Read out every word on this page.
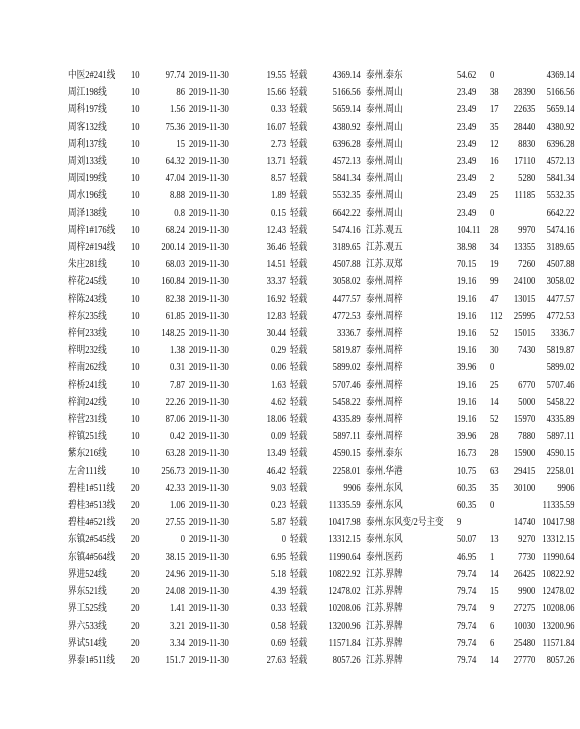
中医2#241线	10	97.74	2019-11-30	19.55	轻载	4369.14	泰州.泰东	54.62	0		4369.14
周江198线	10	86	2019-11-30	15.66	轻载	5166.56	泰州.周山	23.49	38	28390	5166.56
周科197线	10	1.56	2019-11-30	0.33	轻载	5659.14	泰州.周山	23.49	17	22635	5659.14
周客132线	10	75.36	2019-11-30	16.07	轻载	4380.92	泰州.周山	23.49	35	28440	4380.92
周利137线	10	15	2019-11-30	2.73	轻载	6396.28	泰州.周山	23.49	12	8830	6396.28
周刘133线	10	64.32	2019-11-30	13.71	轻载	4572.13	泰州.周山	23.49	16	17110	4572.13
周园199线	10	47.04	2019-11-30	8.57	轻载	5841.34	泰州.周山	23.49	2	5280	5841.34
周水196线	10	8.88	2019-11-30	1.89	轻载	5532.35	泰州.周山	23.49	25	11185	5532.35
周泽138线	10	0.8	2019-11-30	0.15	轻载	6642.22	泰州.周山	23.49	0		6642.22
周梓1#176线	10	68.24	2019-11-30	12.43	轻载	5474.16	江苏.观五	104.11	28	9970	5474.16
周梓2#194线	10	200.14	2019-11-30	36.46	轻载	3189.65	江苏.观五	38.98	34	13355	3189.65
朱庄281线	10	68.03	2019-11-30	14.51	轻载	4507.88	江苏.双郑	70.15	19	7260	4507.88
梓花245线	10	160.84	2019-11-30	33.37	轻载	3058.02	泰州.周梓	19.16	99	24100	3058.02
梓陈243线	10	82.38	2019-11-30	16.92	轻载	4477.57	泰州.周梓	19.16	47	13015	4477.57
梓东235线	10	61.85	2019-11-30	12.83	轻载	4772.53	泰州.周梓	19.16	112	25995	4772.53
梓何233线	10	148.25	2019-11-30	30.44	轻载	3336.7	泰州.周梓	19.16	52	15015	3336.7
梓明232线	10	1.38	2019-11-30	0.29	轻载	5819.87	泰州.周梓	19.16	30	7430	5819.87
梓南262线	10	0.31	2019-11-30	0.06	轻载	5899.02	泰州.周梓	39.96	0		5899.02
梓桥241线	10	7.87	2019-11-30	1.63	轻载	5707.46	泰州.周梓	19.16	25	6770	5707.46
梓润242线	10	22.26	2019-11-30	4.62	轻载	5458.22	泰州.周梓	19.16	14	5000	5458.22
梓营231线	10	87.06	2019-11-30	18.06	轻载	4335.89	泰州.周梓	19.16	52	15970	4335.89
梓镇251线	10	0.42	2019-11-30	0.09	轻载	5897.11	泰州.周梓	39.96	28	7880	5897.11
紫东216线	10	63.28	2019-11-30	13.49	轻载	4590.15	泰州.泰东	16.73	28	15900	4590.15
左舍111线	10	256.73	2019-11-30	46.42	轻载	2258.01	泰州.华港	10.75	63	29415	2258.01
碧桂1#511线	20	42.33	2019-11-30	9.03	轻载	9906	泰州.东风	60.35	35	30100	9906
碧桂3#513线	20	1.06	2019-11-30	0.23	轻载	11335.59	泰州.东风	60.35	0		11335.59
碧桂4#521线	20	27.55	2019-11-30	5.87	轻载	10417.98	泰州.东风变/2号主变	9		14740	10417.98
东镇2#545线	20	0	2019-11-30	0	轻载	13312.15	泰州.东风	50.07	13	9270	13312.15
东镇4#564线	20	38.15	2019-11-30	6.95	轻载	11990.64	泰州.医药	46.95	1	7730	11990.64
界进524线	20	24.96	2019-11-30	5.18	轻载	10822.92	江苏.界牌	79.74	14	26425	10822.92
界东521线	20	24.08	2019-11-30	4.39	轻载	12478.02	江苏.界牌	79.74	15	9900	12478.02
界工525线	20	1.41	2019-11-30	0.33	轻载	10208.06	江苏.界牌	79.74	9	27275	10208.06
界六533线	20	3.21	2019-11-30	0.58	轻载	13200.96	江苏.界牌	79.74	6	10030	13200.96
界试514线	20	3.34	2019-11-30	0.69	轻载	11571.84	江苏.界牌	79.74	6	25480	11571.84
界泰1#511线	20	151.7	2019-11-30	27.63	轻载	8057.26	江苏.界牌	79.74	14	27770	8057.26
